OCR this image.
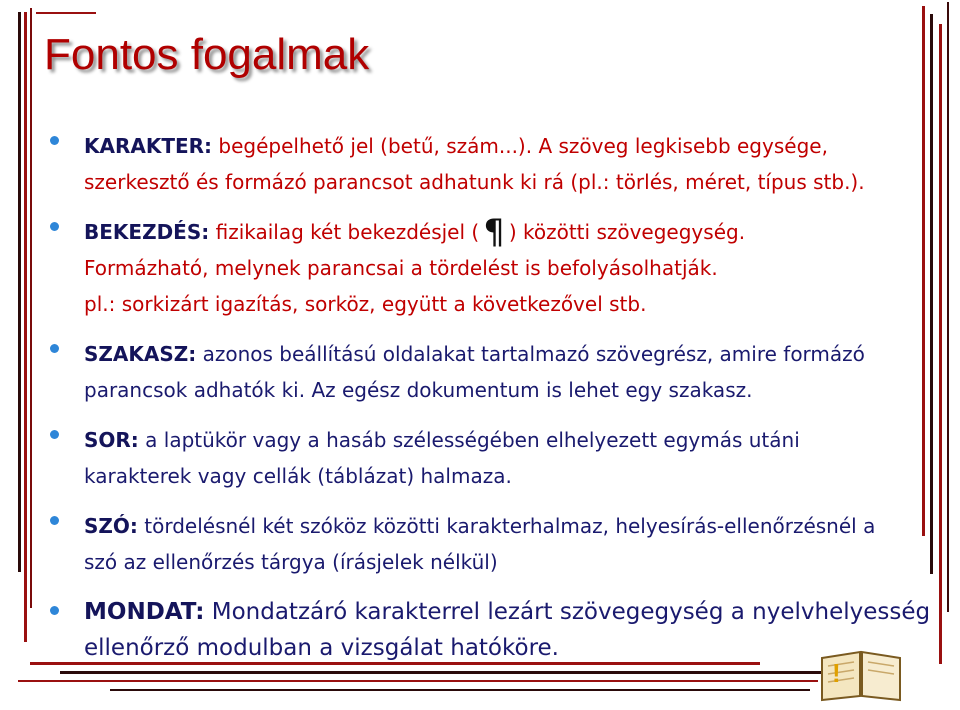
Fontos fogalmak
KARAKTER: begépelhető jel (betű, szám...). A szöveg legkisebb egysége,
szerkesztő és formázó parancsot adhatunk ki rá (pl.: törlés, méret, típus stb.).
BEKEZDÉS: fizikailag két bekezdésjel ( ¶ ) közötti szövegegység.
Formázható, melynek parancsai a tördelést is befolyásolhatják.
pl.: sorkizárt igazítás, sorköz, együtt a következővel stb.
SZAKASZ: azonos beállítású oldalakat tartalmazó szövegrész, amire formázó
parancsok adhatók ki. Az egész dokumentum is lehet egy szakasz.
SOR: a laptükör vagy a hasáb szélességében elhelyezett egymás utáni
karakterek vagy cellák (táblázat) halmaza.
SZÓ: tördelésnél két szóköz közötti karakterhalmaz, helyesírás-ellenőrzésnél a
szó az ellenőrzés tárgya (írásjelek nélkül)
MONDAT: Mondatzáró karakterrel lezárt szövegegység a nyelvhelyesség
ellenőrző modulban a vizsgálat hatóköre.
!
